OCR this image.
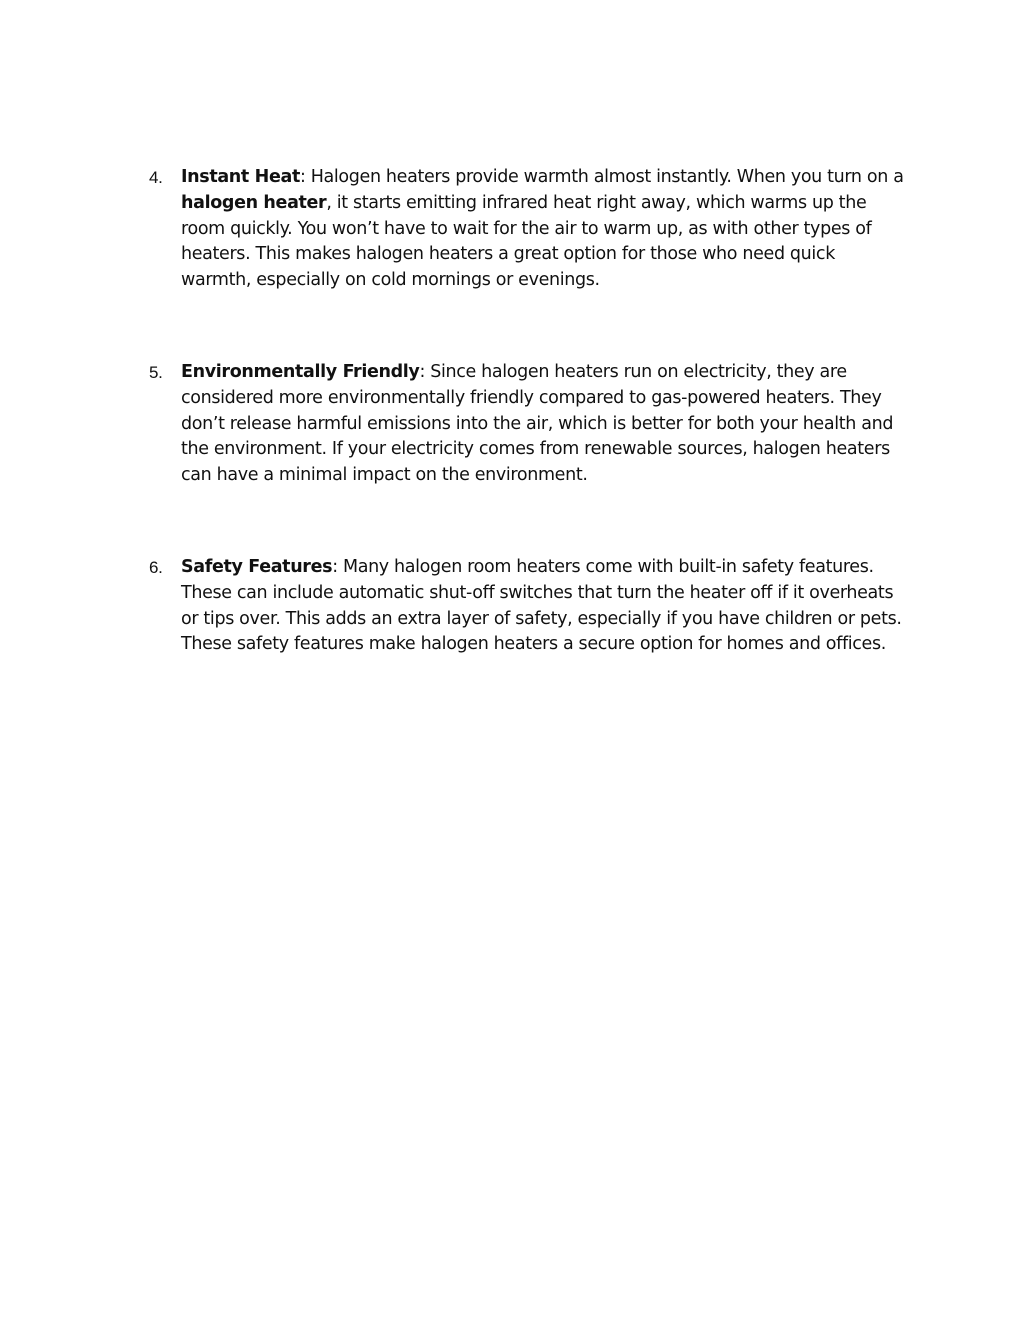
4. Instant Heat: Halogen heaters provide warmth almost instantly. When you turn on a halogen heater, it starts emitting infrared heat right away, which warms up the room quickly. You won’t have to wait for the air to warm up, as with other types of heaters. This makes halogen heaters a great option for those who need quick warmth, especially on cold mornings or evenings.
5. Environmentally Friendly: Since halogen heaters run on electricity, they are considered more environmentally friendly compared to gas-powered heaters. They don’t release harmful emissions into the air, which is better for both your health and the environment. If your electricity comes from renewable sources, halogen heaters can have a minimal impact on the environment.
6. Safety Features: Many halogen room heaters come with built-in safety features. These can include automatic shut-off switches that turn the heater off if it overheats or tips over. This adds an extra layer of safety, especially if you have children or pets. These safety features make halogen heaters a secure option for homes and offices.
